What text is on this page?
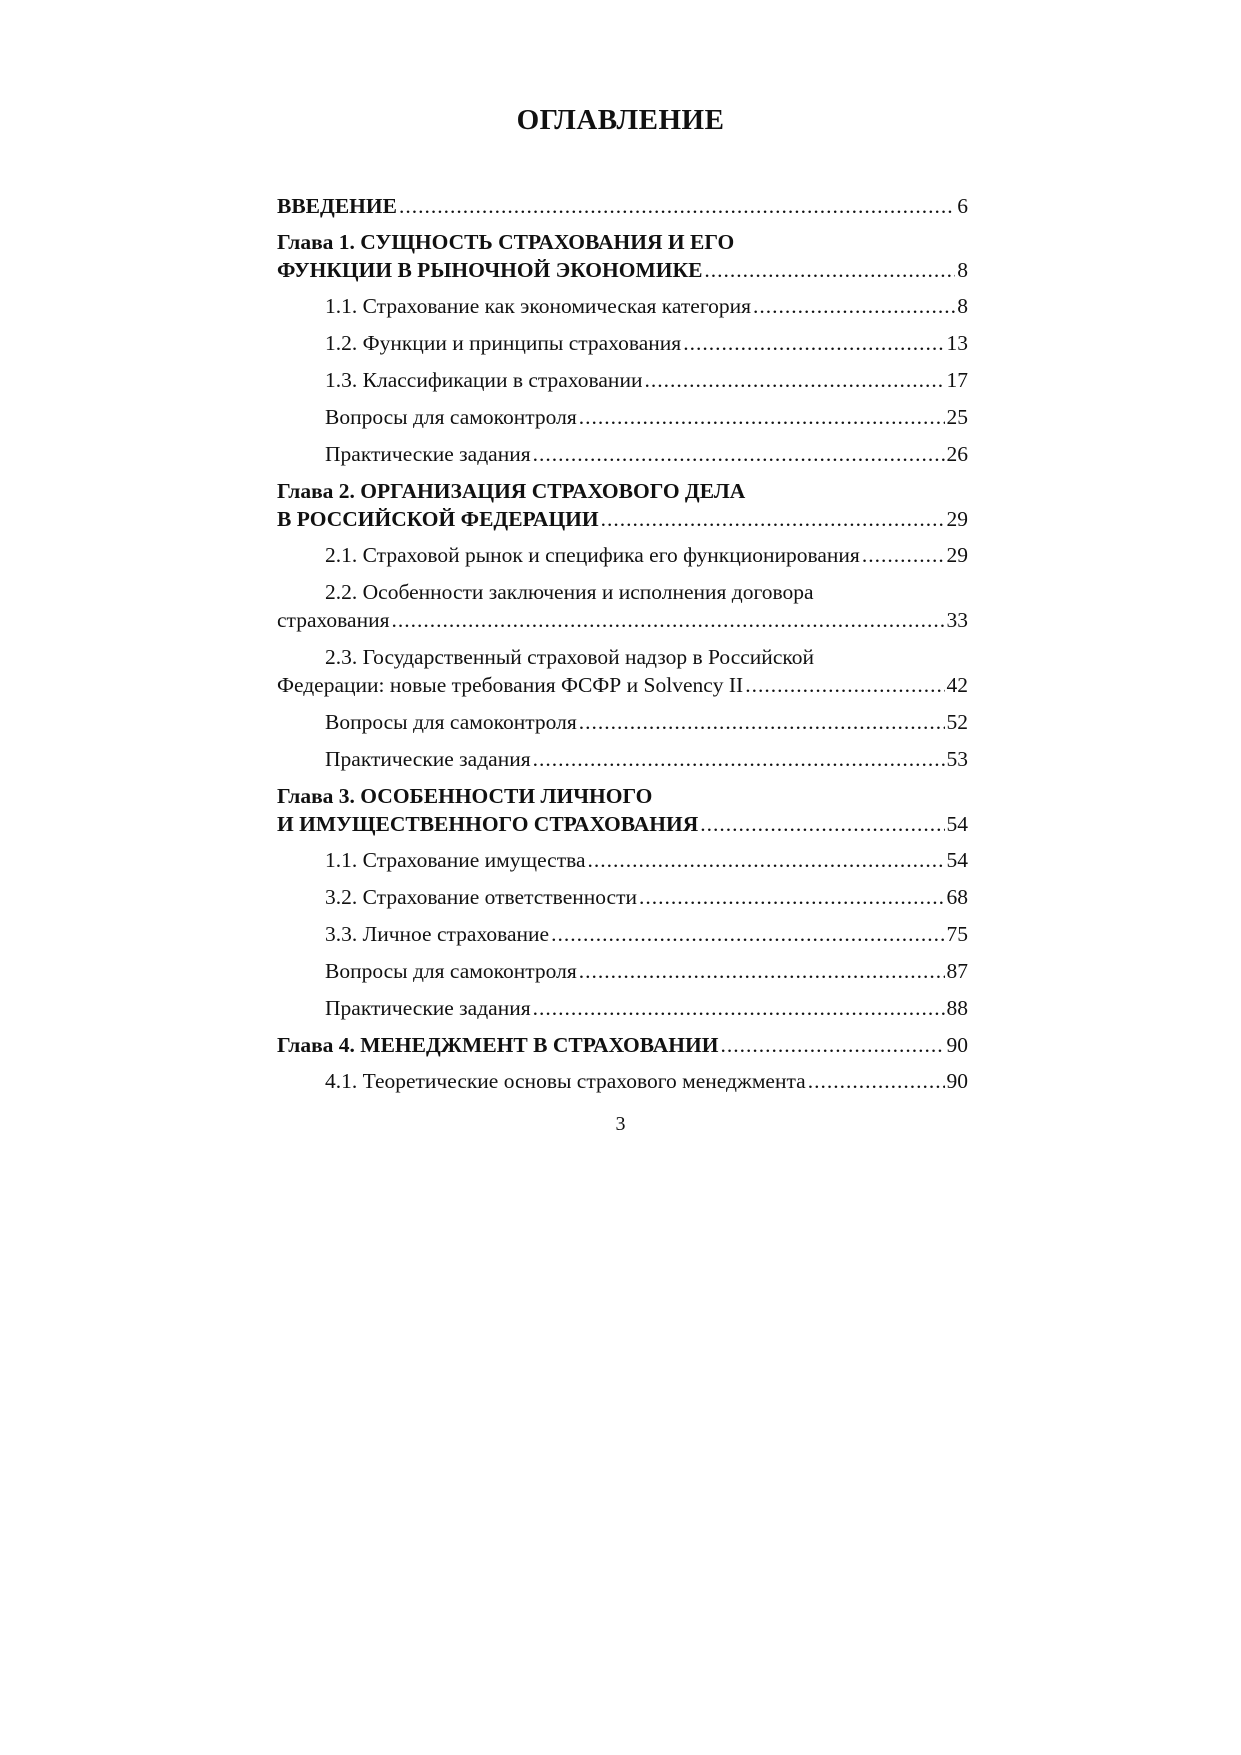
ОГЛАВЛЕНИЕ
ВВЕДЕНИЕ .....	6
Глава 1. СУЩНОСТЬ СТРАХОВАНИЯ И ЕГО
ФУНКЦИИ В РЫНОЧНОЙ ЭКОНОМИКЕ .....	8
1.1. Страхование как экономическая категория .....	8
1.2. Функции и принципы страхования .....	13
1.3. Классификации в страховании .....	17
Вопросы для самоконтроля .....	25
Практические задания .....	26
Глава 2. ОРГАНИЗАЦИЯ СТРАХОВОГО ДЕЛА
В РОССИЙСКОЙ ФЕДЕРАЦИИ .....	29
2.1. Страховой рынок и специфика его функционирования .....	29
2.2. Особенности заключения и исполнения договора
страхования .....	33
2.3. Государственный страховой надзор в Российской
Федерации: новые требования ФСФР и Solvency II .....	42
Вопросы для самоконтроля .....	52
Практические задания .....	53
Глава 3. ОСОБЕННОСТИ ЛИЧНОГО
И ИМУЩЕСТВЕННОГО СТРАХОВАНИЯ .....	54
1.1. Страхование имущества .....	54
3.2. Страхование ответственности .....	68
3.3. Личное страхование .....	75
Вопросы для самоконтроля .....	87
Практические задания .....	88
Глава 4. МЕНЕДЖМЕНТ В СТРАХОВАНИИ .....	90
4.1. Теоретические основы страхового менеджмента .....	90
3
